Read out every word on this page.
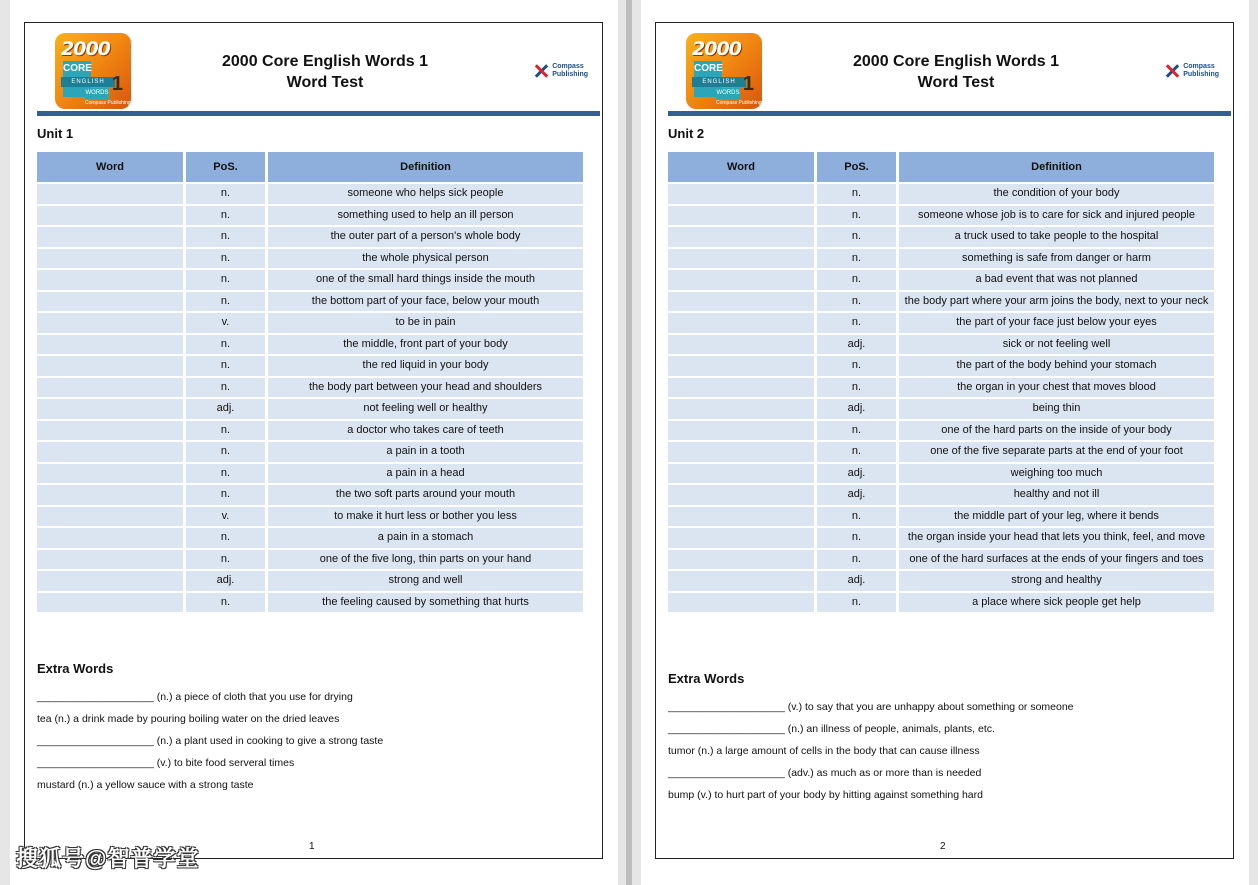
2000
CORE
ENGLISH
WORDS 1
Compass Publishing
2000 Core English Words 1
Word Test
Compass
Publishing
Unit 1
Word	PoS.	Definition
	n.	someone who helps sick people
	n.	something used to help an ill person
	n.	the outer part of a person's whole body
	n.	the whole physical person
	n.	one of the small hard things inside the mouth
	n.	the bottom part of your face, below your mouth
	v.	to be in pain
	n.	the middle, front part of your body
	n.	the red liquid in your body
	n.	the body part between your head and shoulders
	adj.	not feeling well or healthy
	n.	a doctor who takes care of teeth
	n.	a pain in a tooth
	n.	a pain in a head
	n.	the two soft parts around your mouth
	v.	to make it hurt less or bother you less
	n.	a pain in a stomach
	n.	one of the five long, thin parts on your hand
	adj.	strong and well
	n.	the feeling caused by something that hurts
Extra Words
____________________ (n.) a piece of cloth that you use for drying
tea (n.) a drink made by pouring boiling water on the dried leaves
____________________ (n.) a plant used in cooking to give a strong taste
____________________ (v.) to bite food serveral times
mustard (n.) a yellow sauce with a strong taste
1
2000
CORE
ENGLISH
WORDS 1
Compass Publishing
2000 Core English Words 1
Word Test
Compass
Publishing
Unit 2
Word	PoS.	Definition
	n.	the condition of your body
	n.	someone whose job is to care for sick and injured people
	n.	a truck used to take people to the hospital
	n.	something is safe from danger or harm
	n.	a bad event that was not planned
	n.	the body part where your arm joins the body, next to your neck
	n.	the part of your face just below your eyes
	adj.	sick or not feeling well
	n.	the part of the body behind your stomach
	n.	the organ in your chest that moves blood
	adj.	being thin
	n.	one of the hard parts on the inside of your body
	n.	one of the five separate parts at the end of your foot
	adj.	weighing too much
	adj.	healthy and not ill
	n.	the middle part of your leg, where it bends
	n.	the organ inside your head that lets you think, feel, and move
	n.	one of the hard surfaces at the ends of your fingers and toes
	adj.	strong and healthy
	n.	a place where sick people get help
Extra Words
____________________ (v.) to say that you are unhappy about something or someone
____________________ (n.) an illness of people, animals, plants, etc.
tumor (n.) a large amount of cells in the body that can cause illness
____________________ (adv.) as much as or more than is needed
bump (v.) to hurt part of your body by hitting against something hard
2
搜狐号@智普学堂
